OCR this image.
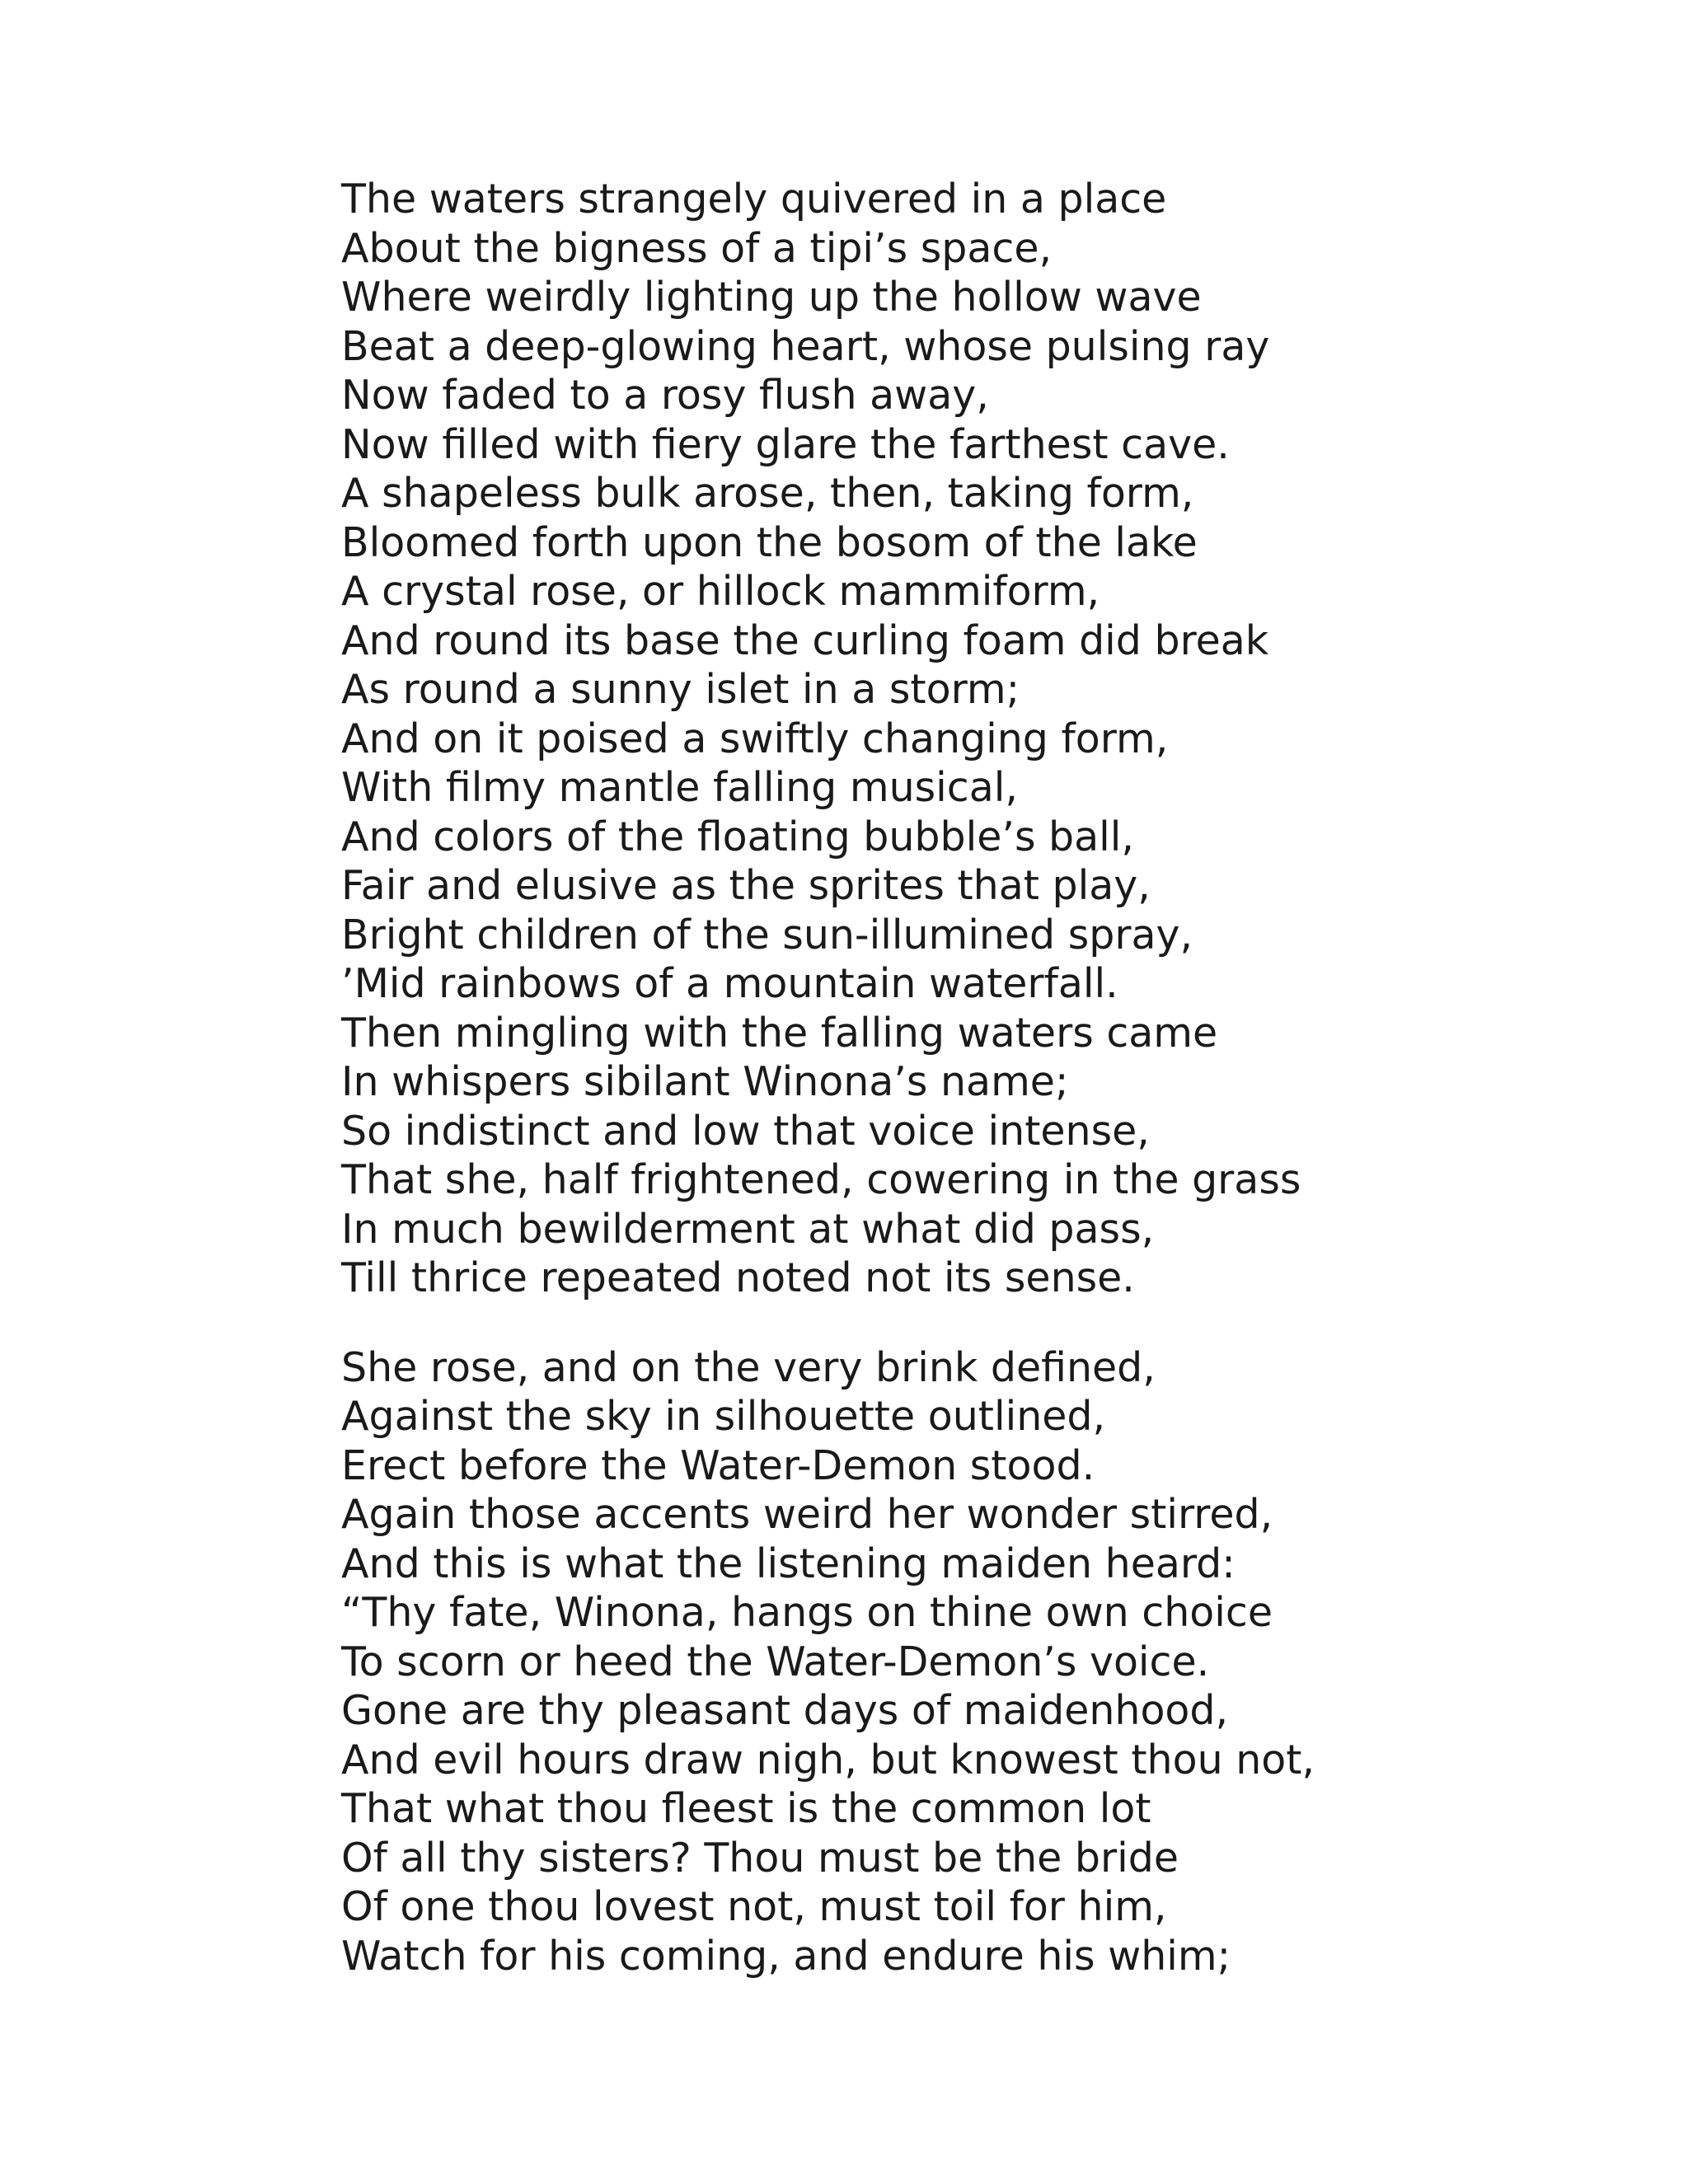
The waters strangely quivered in a place
About the bigness of a tipi’s space,
Where weirdly lighting up the hollow wave
Beat a deep-glowing heart, whose pulsing ray
Now faded to a rosy flush away,
Now filled with fiery glare the farthest cave.
A shapeless bulk arose, then, taking form,
Bloomed forth upon the bosom of the lake
A crystal rose, or hillock mammiform,
And round its base the curling foam did break
As round a sunny islet in a storm;
And on it poised a swiftly changing form,
With filmy mantle falling musical,
And colors of the floating bubble’s ball,
Fair and elusive as the sprites that play,
Bright children of the sun-illumined spray,
’Mid rainbows of a mountain waterfall.
Then mingling with the falling waters came
In whispers sibilant Winona’s name;
So indistinct and low that voice intense,
That she, half frightened, cowering in the grass
In much bewilderment at what did pass,
Till thrice repeated noted not its sense.
She rose, and on the very brink defined,
Against the sky in silhouette outlined,
Erect before the Water-Demon stood.
Again those accents weird her wonder stirred,
And this is what the listening maiden heard:
“Thy fate, Winona, hangs on thine own choice
To scorn or heed the Water-Demon’s voice.
Gone are thy pleasant days of maidenhood,
And evil hours draw nigh, but knowest thou not,
That what thou fleest is the common lot
Of all thy sisters? Thou must be the bride
Of one thou lovest not, must toil for him,
Watch for his coming, and endure his whim;
